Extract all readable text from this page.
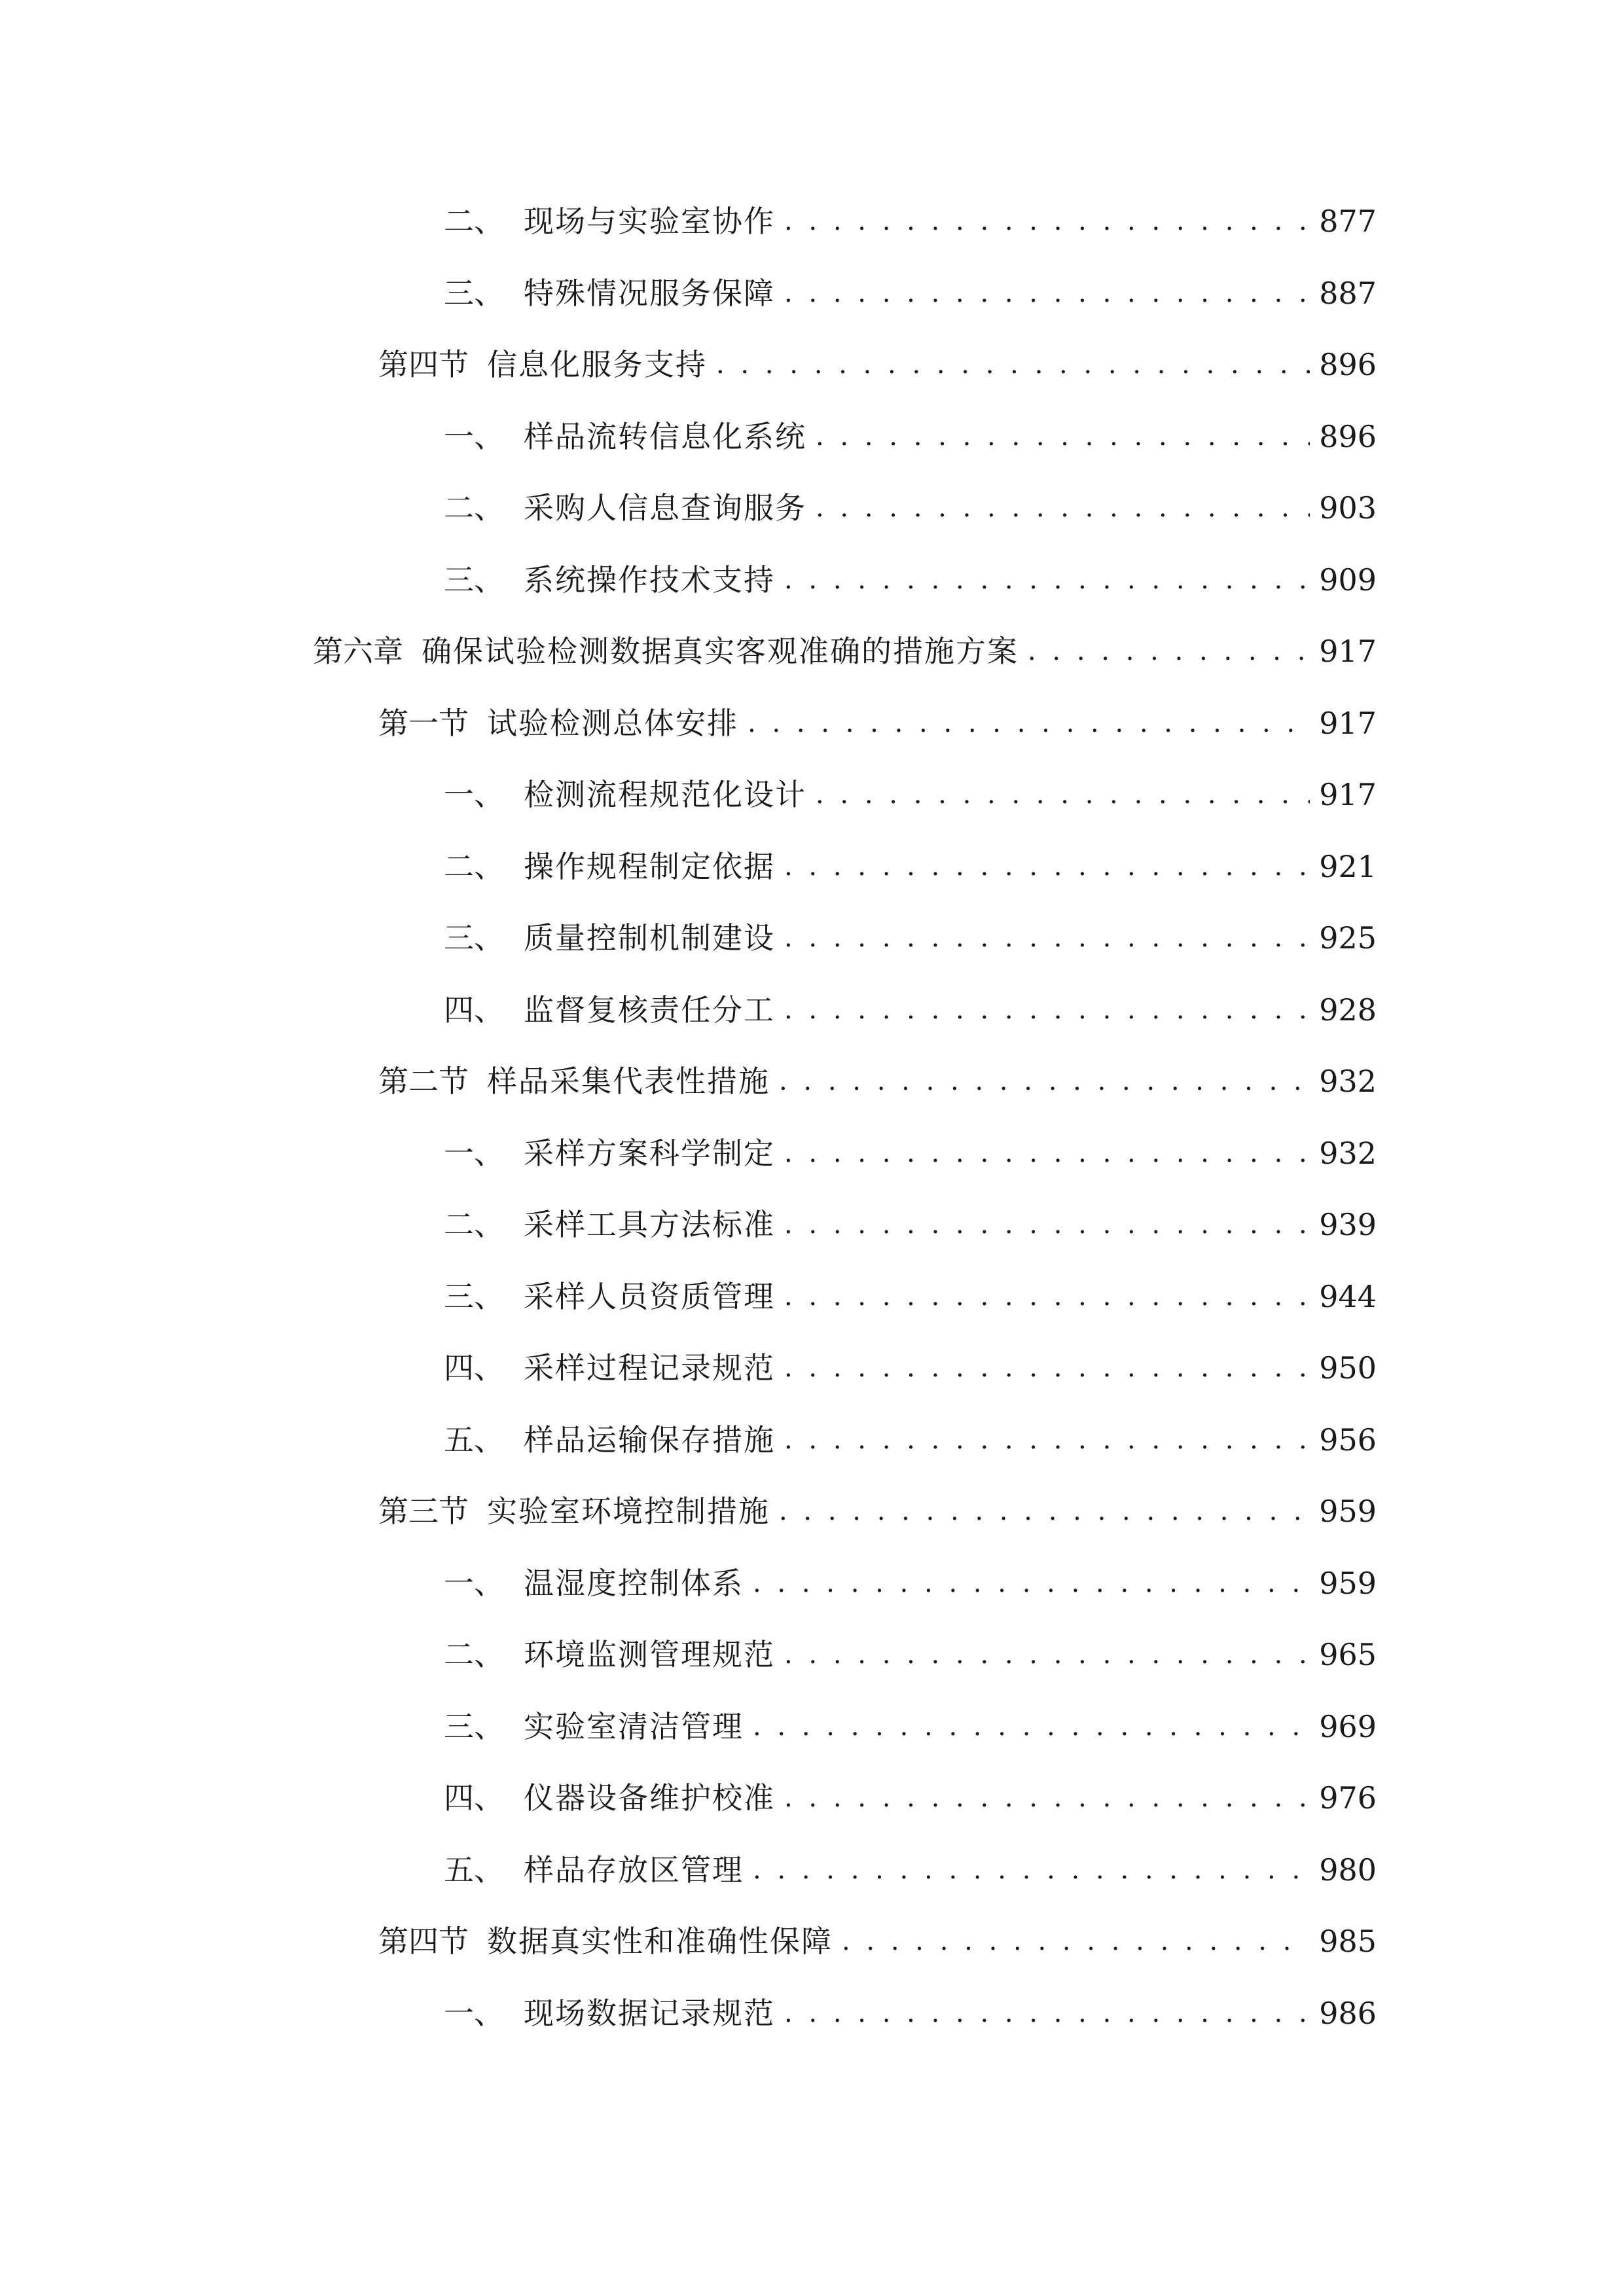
二、 现场与实验室协作 . . .	877
三、 特殊情况服务保障 . . .	887
第四节 信息化服务支持 . . .	896
一、 样品流转信息化系统 . . .	896
二、 采购人信息查询服务 . . .	903
三、 系统操作技术支持 . . .	909
第六章 确保试验检测数据真实客观准确的措施方案 . . .	917
第一节 试验检测总体安排 . . .	917
一、 检测流程规范化设计 . . .	917
二、 操作规程制定依据 . . .	921
三、 质量控制机制建设 . . .	925
四、 监督复核责任分工 . . .	928
第二节 样品采集代表性措施 . . .	932
一、 采样方案科学制定 . . .	932
二、 采样工具方法标准 . . .	939
三、 采样人员资质管理 . . .	944
四、 采样过程记录规范 . . .	950
五、 样品运输保存措施 . . .	956
第三节 实验室环境控制措施 . . .	959
一、 温湿度控制体系 . . .	959
二、 环境监测管理规范 . . .	965
三、 实验室清洁管理 . . .	969
四、 仪器设备维护校准 . . .	976
五、 样品存放区管理 . . .	980
第四节 数据真实性和准确性保障 . . .	985
一、 现场数据记录规范 . . .	986
